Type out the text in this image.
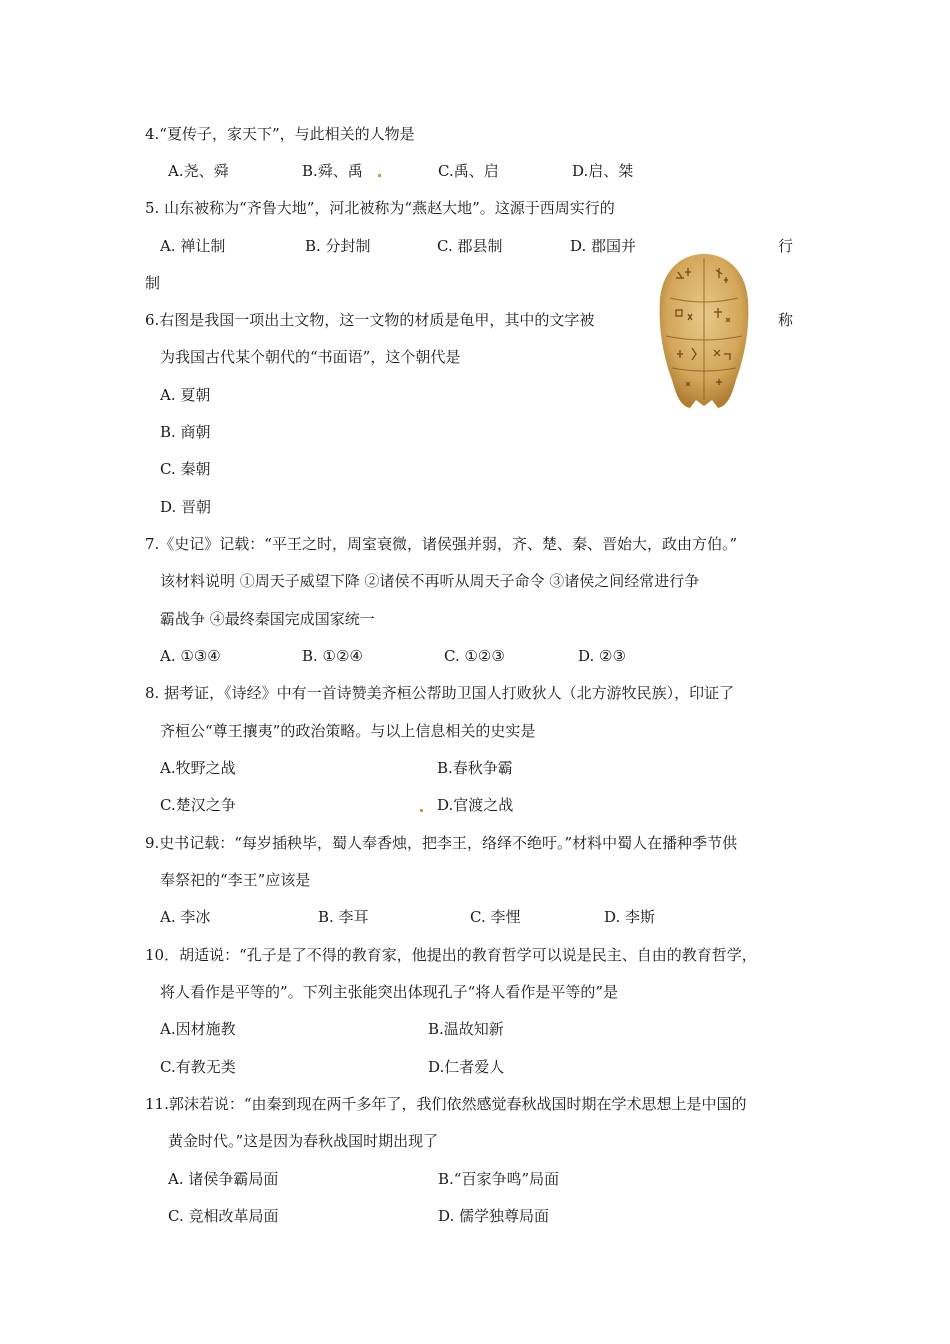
4.“夏传子，家天下”，与此相关的人物是
A.尧、舜	B.舜、禹	C.禹、启	D.启、桀
5. 山东被称为“齐鲁大地”，河北被称为“燕赵大地”。这源于西周实行的
A. 禅让制	B. 分封制	C. 郡县制	D. 郡国并	行
制
6.右图是我国一项出土文物，这一文物的材质是龟甲，其中的文字被	称
为我国古代某个朝代的“书面语”，这个朝代是
A. 夏朝
B. 商朝
C. 秦朝
D. 晋朝
7.《史记》记载：“平王之时，周室衰微，诸侯强并弱，齐、楚、秦、晋始大，政由方伯。”
该材料说明 ①周天子威望下降 ②诸侯不再听从周天子命令 ③诸侯之间经常进行争
霸战争 ④最终秦国完成国家统一
A. ①③④	B. ①②④	C. ①②③	D. ②③
8. 据考证，《诗经》中有一首诗赞美齐桓公帮助卫国人打败狄人（北方游牧民族），印证了
齐桓公“尊王攘夷”的政治策略。与以上信息相关的史实是
A.牧野之战	B.春秋争霸
C.楚汉之争	D.官渡之战
9.史书记载：“每岁插秧毕，蜀人奉香烛，把李王，络绎不绝吁。”材料中蜀人在播种季节供
奉祭祀的“李王”应该是
A. 李冰	B. 李耳	C. 李悝	D. 李斯
10．胡适说：“孔子是了不得的教育家，他提出的教育哲学可以说是民主、自由的教育哲学，
将人看作是平等的”。下列主张能突出体现孔子“将人看作是平等的”是
A.因材施教	B.温故知新
C.有教无类	D.仁者爱人
11.郭沫若说：“由秦到现在两千多年了，我们依然感觉春秋战国时期在学术思想上是中国的
黄金时代。”这是因为春秋战国时期出现了
A. 诸侯争霸局面	B.“百家争鸣”局面
C. 竞相改革局面	D. 儒学独尊局面
